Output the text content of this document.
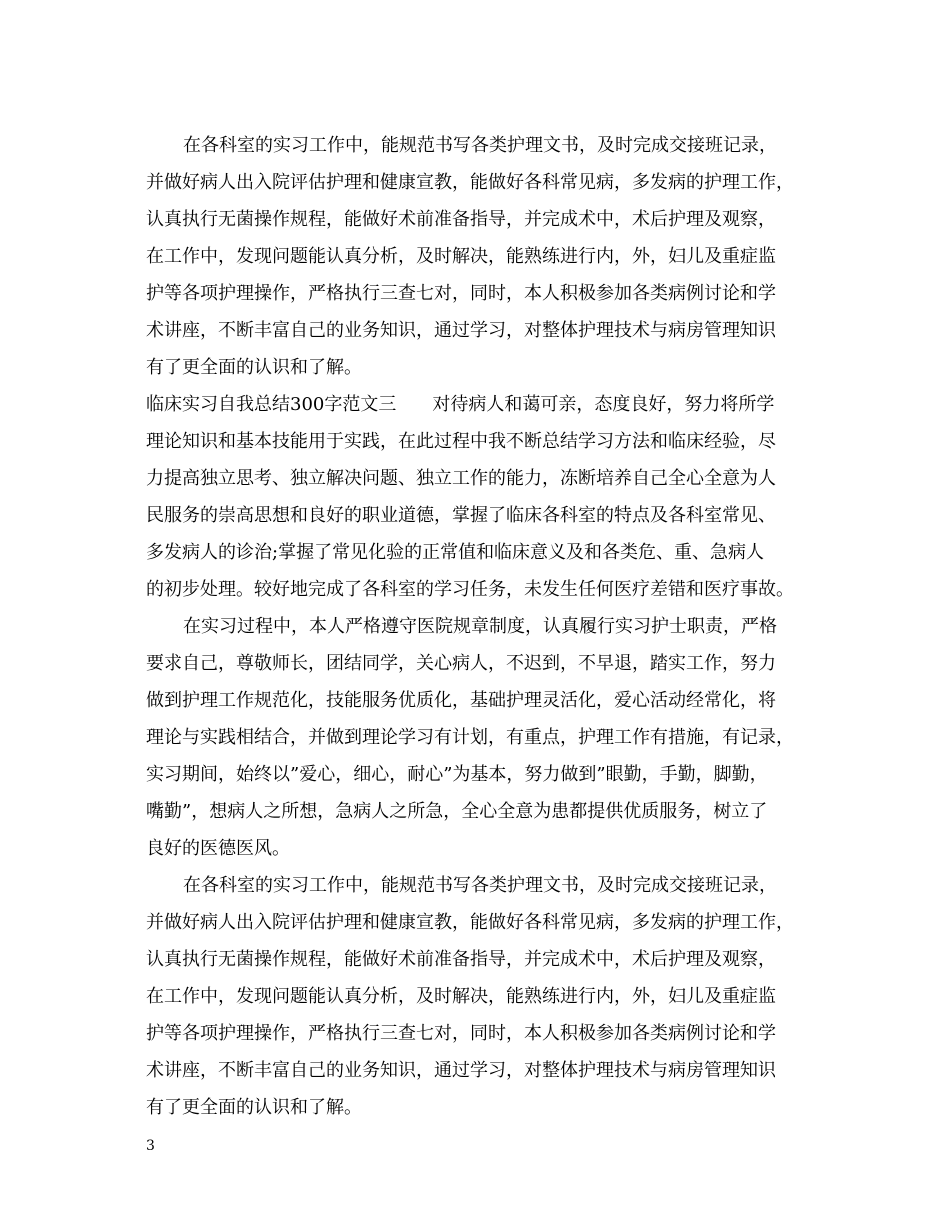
在各科室的实习工作中，能规范书写各类护理文书，及时完成交接班记录，
并做好病人出入院评估护理和健康宣教，能做好各科常见病，多发病的护理工作，
认真执行无菌操作规程，能做好术前准备指导，并完成术中，术后护理及观察，
在工作中，发现问题能认真分析，及时解决，能熟练进行内，外，妇儿及重症监
护等各项护理操作，严格执行三查七对，同时，本人积极参加各类病例讨论和学
术讲座，不断丰富自己的业务知识，通过学习，对整体护理技术与病房管理知识
有了更全面的认识和了解。
临床实习自我总结300字范文三　　对待病人和蔼可亲，态度良好，努力将所学
理论知识和基本技能用于实践，在此过程中我不断总结学习方法和临床经验，尽
力提高独立思考、独立解决问题、独立工作的能力，冻断培养自己全心全意为人
民服务的崇高思想和良好的职业道德，掌握了临床各科室的特点及各科室常见、
多发病人的诊治;掌握了常见化验的正常值和临床意义及和各类危、重、急病人
的初步处理。较好地完成了各科室的学习任务，未发生任何医疗差错和医疗事故。
在实习过程中，本人严格遵守医院规章制度，认真履行实习护士职责，严格
要求自己，尊敬师长，团结同学，关心病人，不迟到，不早退，踏实工作，努力
做到护理工作规范化，技能服务优质化，基础护理灵活化，爱心活动经常化，将
理论与实践相结合，并做到理论学习有计划，有重点，护理工作有措施，有记录，
实习期间，始终以”爱心，细心，耐心”为基本，努力做到”眼勤，手勤，脚勤，
嘴勤”，想病人之所想，急病人之所急，全心全意为患都提供优质服务，树立了
良好的医德医风。
在各科室的实习工作中，能规范书写各类护理文书，及时完成交接班记录，
并做好病人出入院评估护理和健康宣教，能做好各科常见病，多发病的护理工作，
认真执行无菌操作规程，能做好术前准备指导，并完成术中，术后护理及观察，
在工作中，发现问题能认真分析，及时解决，能熟练进行内，外，妇儿及重症监
护等各项护理操作，严格执行三查七对，同时，本人积极参加各类病例讨论和学
术讲座，不断丰富自己的业务知识，通过学习，对整体护理技术与病房管理知识
有了更全面的认识和了解。
3
